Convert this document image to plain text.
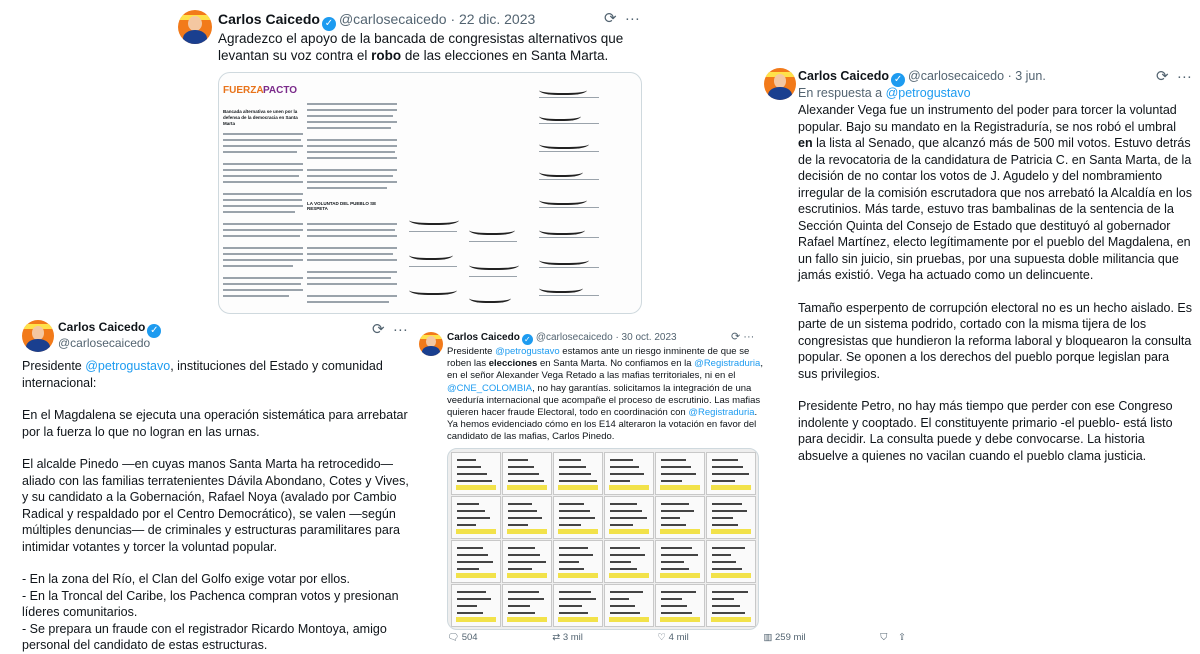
Carlos Caicedo ✓ @carlosecaicedo · 22 dic. 2023	⟳ ···
Agradezco el apoyo de la bancada de congresistas alternativos que levantan su voz contra el robo de las elecciones en Santa Marta.
FUERZA PACTO
Bancada alternativa se unen por la defensa de la democracia en Santa Marta
LA VOLUNTAD DEL PUEBLO SE RESPETA
Carlos Caicedo ✓ @carlosecaicedo · 3 jun.	⟳ ···
En respuesta a @petrogustavo

Alexander Vega fue un instrumento del poder para torcer la voluntad popular. Bajo su mandato en la Registraduría, se nos robó el umbral en la lista al Senado, que alcanzó más de 500 mil votos. Estuvo detrás de la revocatoria de la candidatura de Patricia C. en Santa Marta, de la decisión de no contar los votos de J. Agudelo y del nombramiento irregular de la comisión escrutadora que nos arrebató la Alcaldía en los escrutinios. Más tarde, estuvo tras bambalinas de la sentencia de la Sección Quinta del Consejo de Estado que destituyó al gobernador Rafael Martínez, electo legítimamente por el pueblo del Magdalena, en un fallo sin juicio, sin pruebas, por una supuesta doble militancia que jamás existió. Vega ha actuado como un delincuente.

Tamaño esperpento de corrupción electoral no es un hecho aislado. Es parte de un sistema podrido, cortado con la misma tijera de los congresistas que hundieron la reforma laboral y bloquearon la consulta popular. Se oponen a los derechos del pueblo porque legislan para sus privilegios.

Presidente Petro, no hay más tiempo que perder con ese Congreso indolente y cooptado. El constituyente primario -el pueblo- está listo para decidir. La consulta puede y debe convocarse. La historia absuelve a quienes no vacilan cuando el pueblo clama justicia.

Carlos Caicedo ✓
@carlosecaicedo
⟳ ···

Presidente @petrogustavo, instituciones del Estado y comunidad internacional:

En el Magdalena se ejecuta una operación sistemática para arrebatar por la fuerza lo que no logran en las urnas.

El alcalde Pinedo —en cuyas manos Santa Marta ha retrocedido— aliado con las familias terratenientes Dávila Abondano, Cotes y Vives, y su candidato a la Gobernación, Rafael Noya (avalado por Cambio Radical y respaldado por el Centro Democrático), se valen —según múltiples denuncias— de criminales y estructuras paramilitares para intimidar votantes y torcer la voluntad popular.

- En la zona del Río, el Clan del Golfo exige votar por ellos.

- En la Troncal del Caribe, los Pachenca compran votos y presionan líderes comunitarios.

- Se prepara un fraude con el registrador Ricardo Montoya, amigo personal del candidato de estas estructuras.

Carlos Caicedo ✓ @carlosecaicedo · 30 oct. 2023	⟳ ···
Presidente @petrogustavo estamos ante un riesgo inminente de que se roben las elecciones en Santa Marta. No confiamos en la @Registraduria, en el señor Alexander Vega Retado a las mafias territoriales, ni en el @CNE_COLOMBIA, no hay garantías. solicitamos la integración de una veeduría internacional que acompañe el proceso de escrutinio. Las mafias quieren hacer fraude Electoral, todo en coordinación con @Registraduria. Ya hemos evidenciado cómo en los E14 alteraron la votación en favor del candidato de las mafias, Carlos Pinedo.
🗨 504	⇄ 3 mil	♡ 4 mil	▥ 259 mil	⛉ ⇪
